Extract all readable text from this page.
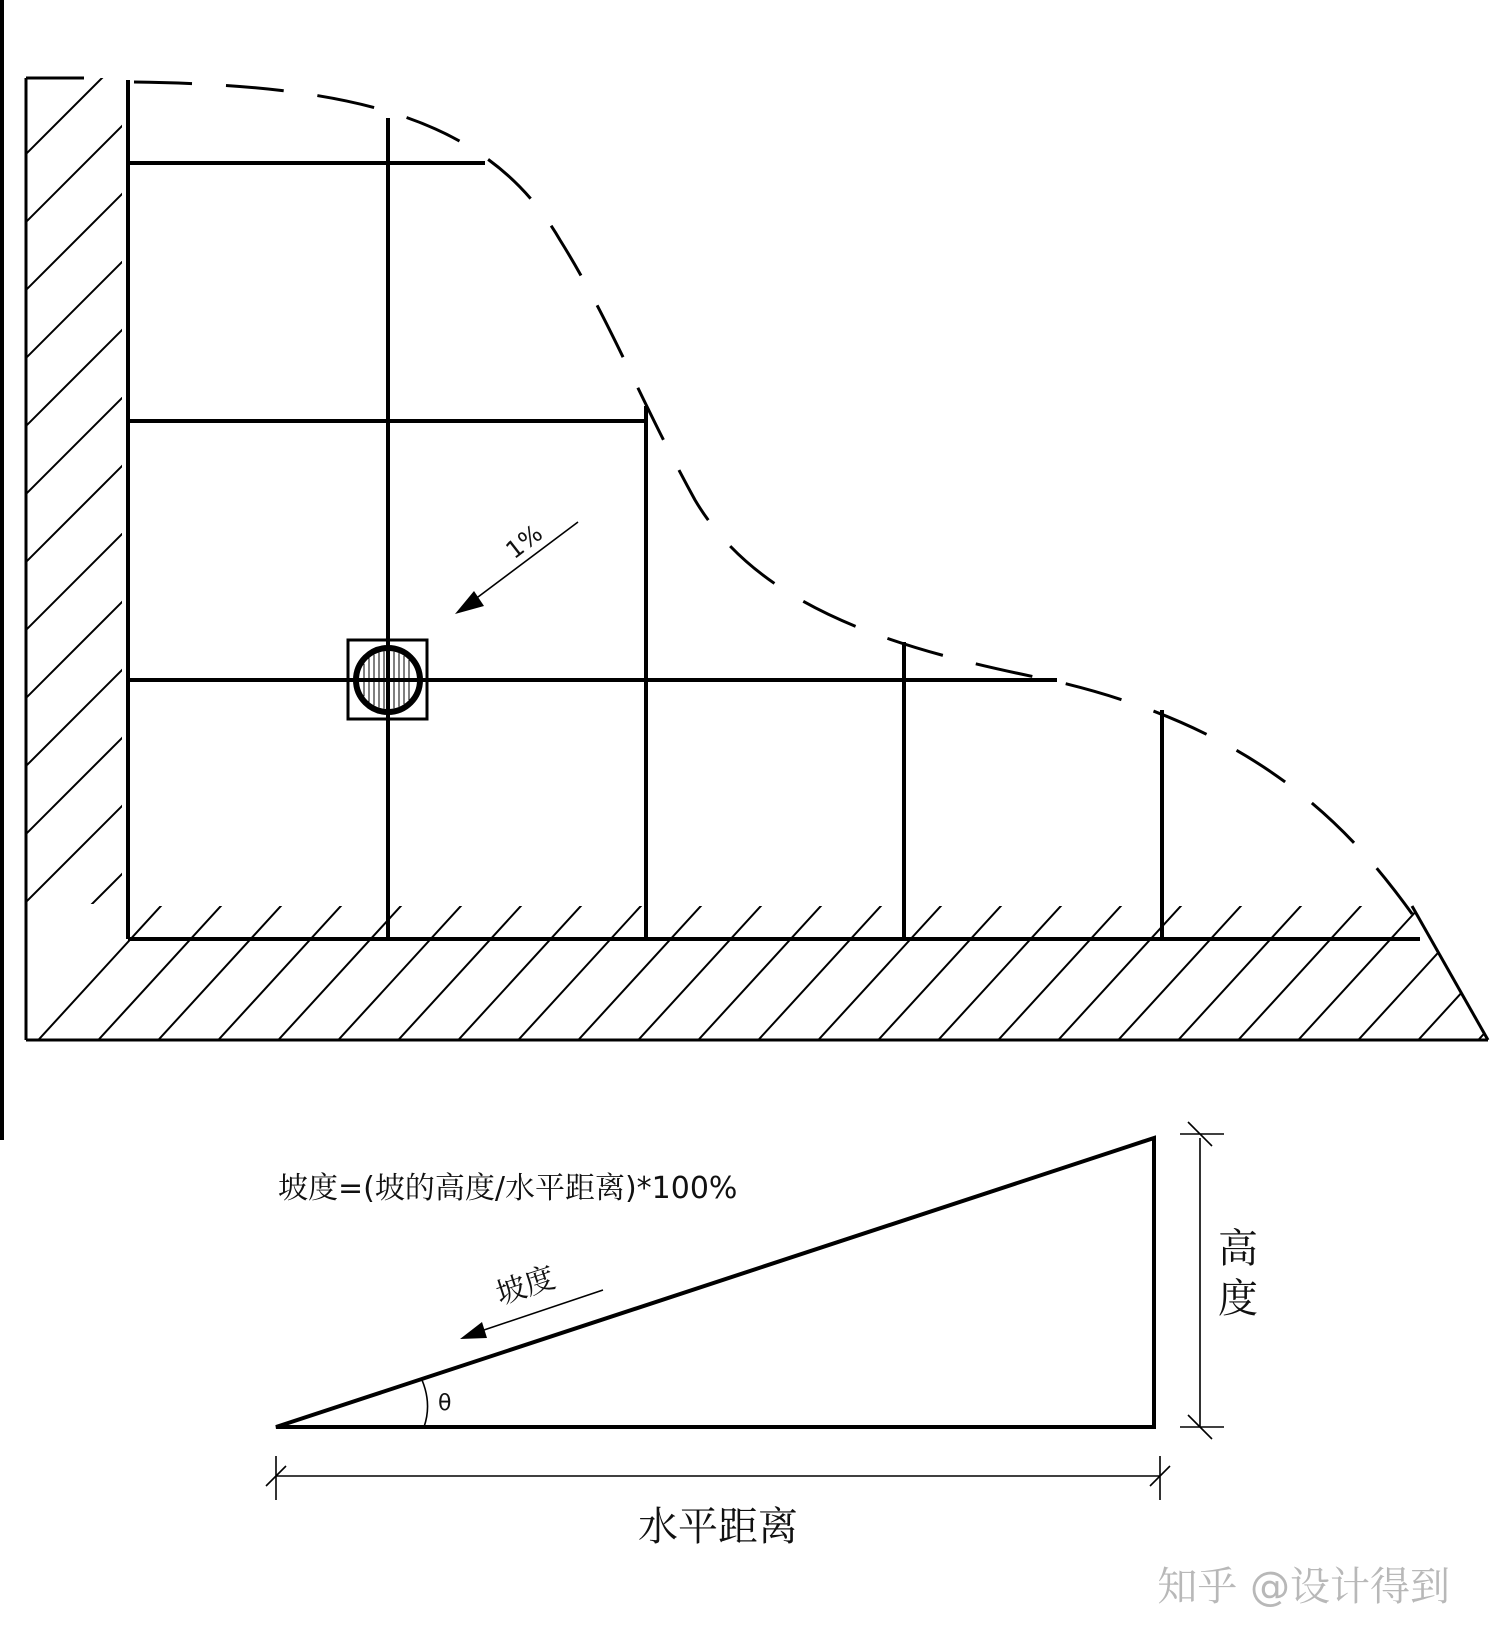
1%
坡度=(坡的高度/水平距离)*100%
θ
坡度
高
度
水平距离
知乎 @设计得到
